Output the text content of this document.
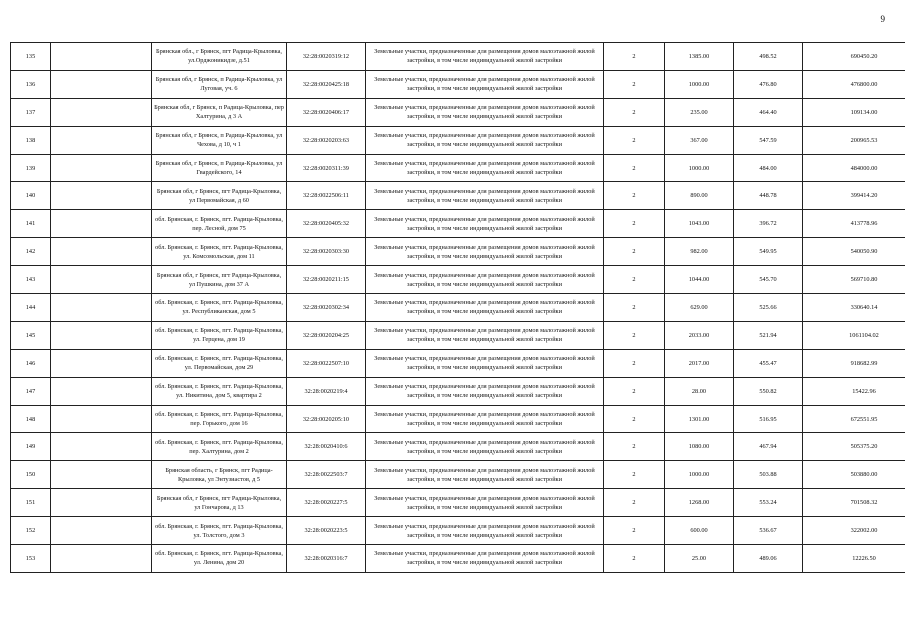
9
135		Брянская обл., г Брянск, пгт Радица-Крыловка, ул.Орджоникидзе, д.51	32:28:0020319:12	Земельные участки, предназначенные для размещения домов малоэтажной жилой застройки, в том числе индивидуальной жилой застройки	2	1385.00	498.52	690450.20
136		Брянская обл, г Брянск, п Радица-Крыловка, ул Луговая, уч. 6	32:28:0020425:18	Земельные участки, предназначенные для размещения домов малоэтажной жилой застройки, в том числе индивидуальной жилой застройки	2	1000.00	476.80	476800.00
137		Брянская обл, г Брянск, п Радица-Крыловка, пер Халтурина, д 3 А	32:28:0020406:17	Земельные участки, предназначенные для размещения домов малоэтажной жилой застройки, в том числе индивидуальной жилой застройки	2	235.00	464.40	109134.00
138		Брянская обл, г Брянск, п Радица-Крыловка, ул Чехова, д 10, ч 1	32:28:0020203:63	Земельные участки, предназначенные для размещения домов малоэтажной жилой застройки, в том числе индивидуальной жилой застройки	2	367.00	547.59	200965.53
139		Брянская обл, г Брянск, п Радица-Крыловка, ул Гвардейского, 14	32:28:0020311:39	Земельные участки, предназначенные для размещения домов малоэтажной жилой застройки, в том числе индивидуальной жилой застройки	2	1000.00	484.00	484000.00
140		Брянская обл, г Брянск, пгт Радица-Крыловка, ул Первомайская, д 60	32:28:0022506:11	Земельные участки, предназначенные для размещения домов малоэтажной жилой застройки, в том числе индивидуальной жилой застройки	2	890.00	448.78	399414.20
141		обл. Брянская, г. Брянск, пгт. Радица-Крыловка, пер. Лесной, дом 75	32:28:0020405:32	Земельные участки, предназначенные для размещения домов малоэтажной жилой застройки, в том числе индивидуальной жилой застройки	2	1043.00	396.72	413778.96
142		обл. Брянская, г. Брянск, пгт. Радица-Крыловка, ул. Комсомольская, дом 11	32:28:0020303:30	Земельные участки, предназначенные для размещения домов малоэтажной жилой застройки, в том числе индивидуальной жилой застройки	2	982.00	549.95	540050.90
143		Брянская обл, г Брянск, пгт Радица-Крыловка, ул Пушкина, дом 37 А	32:28:0020211:15	Земельные участки, предназначенные для размещения домов малоэтажной жилой застройки, в том числе индивидуальной жилой застройки	2	1044.00	545.70	569710.80
144		обл. Брянская, г. Брянск, пгт. Радица-Крыловка, ул. Республиканская, дом 5	32:28:0020302:34	Земельные участки, предназначенные для размещения домов малоэтажной жилой застройки, в том числе индивидуальной жилой застройки	2	629.00	525.66	330640.14
145		обл. Брянская, г. Брянск, пгт. Радица-Крыловка, ул. Герцена, дом 19	32:28:0020204:25	Земельные участки, предназначенные для размещения домов малоэтажной жилой застройки, в том числе индивидуальной жилой застройки	2	2033.00	521.94	1061104.02
146		обл. Брянская, г. Брянск, пгт. Радица-Крыловка, ул. Первомайская, дом 29	32:28:0022507:10	Земельные участки, предназначенные для размещения домов малоэтажной жилой застройки, в том числе индивидуальной жилой застройки	2	2017.00	455.47	918682.99
147		обл. Брянская, г. Брянск, пгт. Радица-Крыловка, ул. Никитина, дом 5, квартира 2	32:28:0020219:4	Земельные участки, предназначенные для размещения домов малоэтажной жилой застройки, в том числе индивидуальной жилой застройки	2	28.00	550.82	15422.96
148		обл. Брянская, г. Брянск, пгт. Радица-Крыловка, пер. Горького, дом 16	32:28:0020205:10	Земельные участки, предназначенные для размещения домов малоэтажной жилой застройки, в том числе индивидуальной жилой застройки	2	1301.00	516.95	672551.95
149		обл. Брянская, г. Брянск, пгт. Радица-Крыловка, пер. Халтурина, дом 2	32:28:0020410:6	Земельные участки, предназначенные для размещения домов малоэтажной жилой застройки, в том числе индивидуальной жилой застройки	2	1080.00	467.94	505375.20
150		Брянская область, г Брянск, пгт Радица-Крыловка, ул Энтузиастов, д 5	32:28:0022503:7	Земельные участки, предназначенные для размещения домов малоэтажной жилой застройки, в том числе индивидуальной жилой застройки	2	1000.00	503.88	503880.00
151		Брянская обл, г Брянск, пгт Радица-Крыловка, ул Гончарова, д 13	32:28:0020227:5	Земельные участки, предназначенные для размещения домов малоэтажной жилой застройки, в том числе индивидуальной жилой застройки	2	1268.00	553.24	701508.32
152		обл. Брянская, г. Брянск, пгт. Радица-Крыловка, ул. Толстого, дом 3	32:28:0020223:5	Земельные участки, предназначенные для размещения домов малоэтажной жилой застройки, в том числе индивидуальной жилой застройки	2	600.00	536.67	322002.00
153		обл. Брянская, г. Брянск, пгт. Радица-Крыловка, ул. Ленина, дом 20	32:28:0020316:7	Земельные участки, предназначенные для размещения домов малоэтажной жилой застройки, в том числе индивидуальной жилой застройки	2	25.00	489.06	12226.50
